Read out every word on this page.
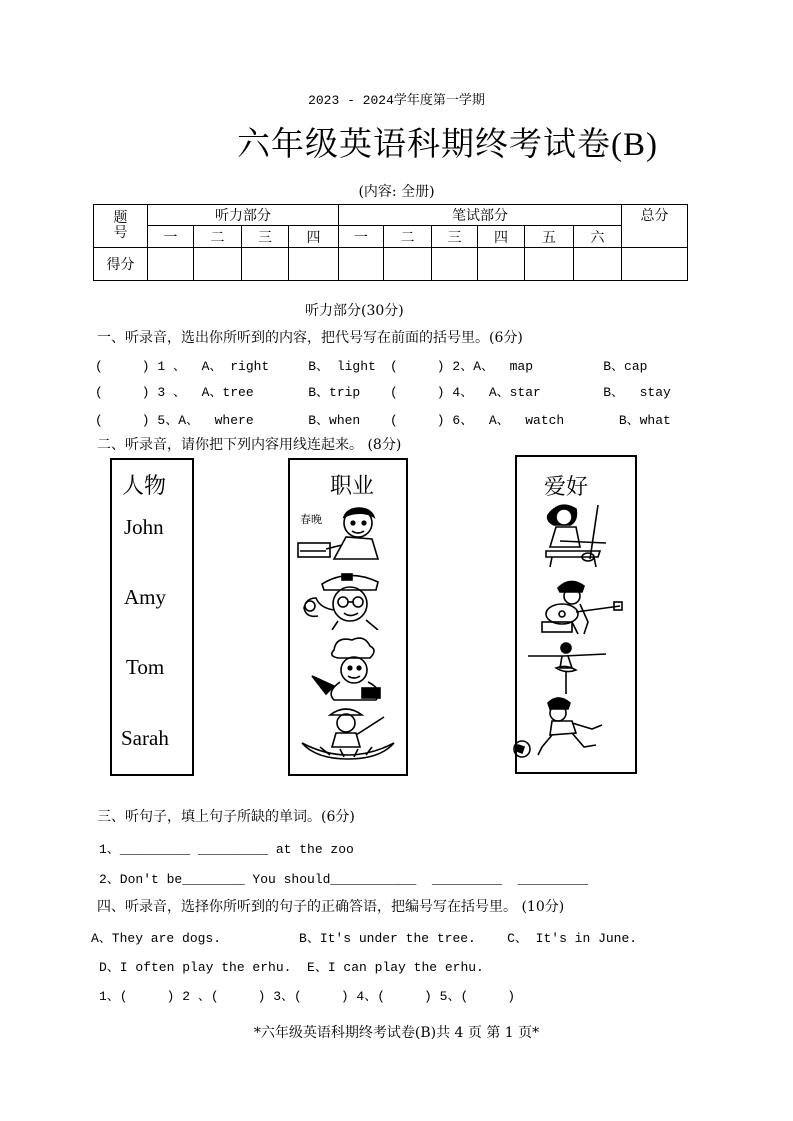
2023 - 2024学年度第一学期
六年级英语科期终考试卷(B)
(内容: 全册)
题号	听力部分				笔试部分						总分
	一	二	三	四	一	二	三	四	五	六	
得分											
听力部分(30分)
一、听录音，选出你所听到的内容，把代号写在前面的括号里。(6分)
(     ) 1 、  A、 right     B、 light (     ) 2、A、  map         B、cap
(     ) 3 、  A、tree       B、trip (     ) 4、  A、star        B、  stay
(     ) 5、A、  where       B、when (     ) 6、  A、  watch       B、what
二、听录音，请你把下列内容用线连起来。 (8分)
人物
John
Amy
Tom
Sarah
职业
春晚
爱好
三、听句子，填上句子所缺的单词。(6分)
1、_________ _________ at the zoo
2、Don't be________ You should___________  _________  _________
四、听录音，选择你所听到的句子的正确答语，把编号写在括号里。 (10分)
A、They are dogs.          B、It's under the tree.    C、 It's in June.
D、I often play the erhu.  E、I can play the erhu.
1、(     ) 2 、(     ) 3、(     ) 4、(     ) 5、(     )
*六年级英语科期终考试卷(B)共 4 页 第 1 页*
